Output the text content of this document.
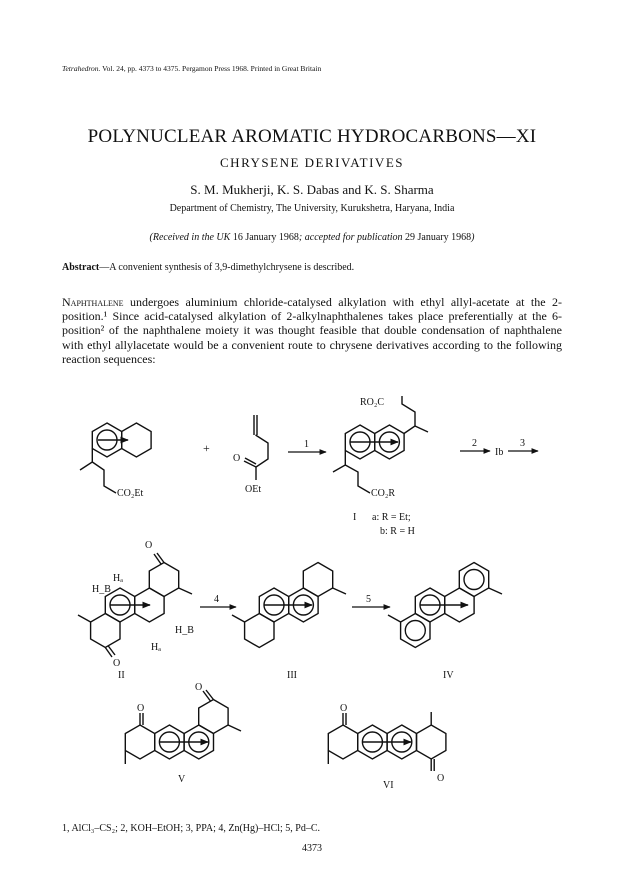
Tetrahedron. Vol. 24, pp. 4373 to 4375. Pergamon Press 1968. Printed in Great Britain
POLYNUCLEAR AROMATIC HYDROCARBONS—XI
CHRYSENE DERIVATIVES
S. M. Mukherji, K. S. Dabas and K. S. Sharma
Department of Chemistry, The University, Kurukshetra, Haryana, India
(Received in the UK 16 January 1968; accepted for publication 29 January 1968)
Abstract—A convenient synthesis of 3,9-dimethylchrysene is described.
Naphthalene undergoes aluminium chloride-catalysed alkylation with ethyl allyl-acetate at the 2-position.¹ Since acid-catalysed alkylation of 2-alkylnaphthalenes takes place preferentially at the 6-position² of the naphthalene moiety it was thought feasible that double condensation of naphthalene with ethyl allylacetate would be a convenient route to chrysene derivatives according to the following reaction sequences:
CO₂Et
+
O
OEt
1
RO₂C
CO₂R
I a: R = Et;
b: R = H
2
Ib
3
O
O
Hₐ
H_B
H_B
Hₐ
II
4
III
5
IV
O
O
V
O
O
VI
1, AlCl₃–CS₂; 2, KOH–EtOH; 3, PPA; 4, Zn(Hg)–HCl; 5, Pd–C.
4373
